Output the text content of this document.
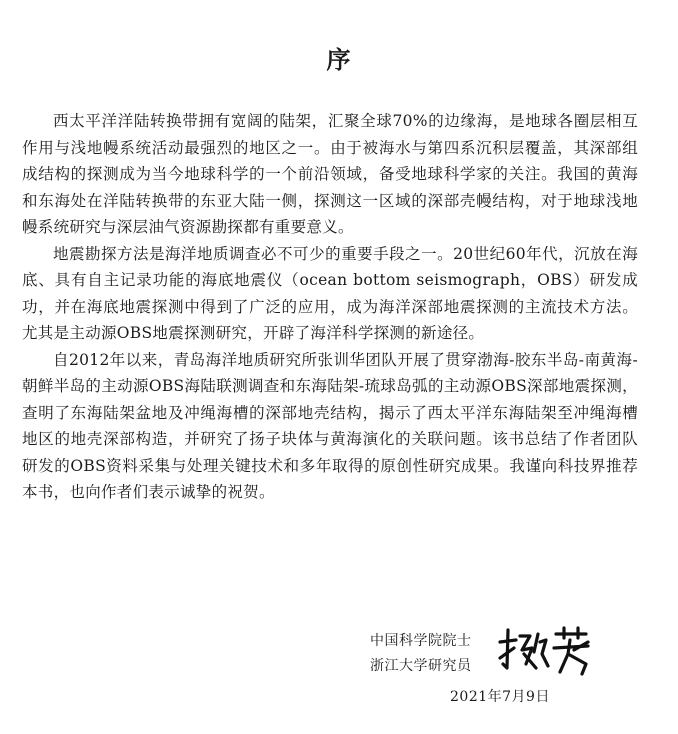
序

西太平洋洋陆转换带拥有宽阔的陆架，汇聚全球70%的边缘海，是地球各圈层相互作用与浅地幔系统活动最强烈的地区之一。由于被海水与第四系沉积层覆盖，其深部组成结构的探测成为当今地球科学的一个前沿领域，备受地球科学家的关注。我国的黄海和东海处在洋陆转换带的东亚大陆一侧，探测这一区域的深部壳幔结构，对于地球浅地幔系统研究与深层油气资源勘探都有重要意义。

地震勘探方法是海洋地质调查必不可少的重要手段之一。20世纪60年代，沉放在海底、具有自主记录功能的海底地震仪（ocean bottom seismograph，OBS）研发成功，并在海底地震探测中得到了广泛的应用，成为海洋深部地震探测的主流技术方法。尤其是主动源OBS地震探测研究，开辟了海洋科学探测的新途径。

自2012年以来，青岛海洋地质研究所张训华团队开展了贯穿渤海-胶东半岛-南黄海-朝鲜半岛的主动源OBS海陆联测调查和东海陆架-琉球岛弧的主动源OBS深部地震探测，查明了东海陆架盆地及冲绳海槽的深部地壳结构，揭示了西太平洋东海陆架至冲绳海槽地区的地壳深部构造，并研究了扬子块体与黄海演化的关联问题。该书总结了作者团队研发的OBS资料采集与处理关键技术和多年取得的原创性研究成果。我谨向科技界推荐本书，也向作者们表示诚挚的祝贺。

中国科学院院士
浙江大学研究员
2021年7月9日
